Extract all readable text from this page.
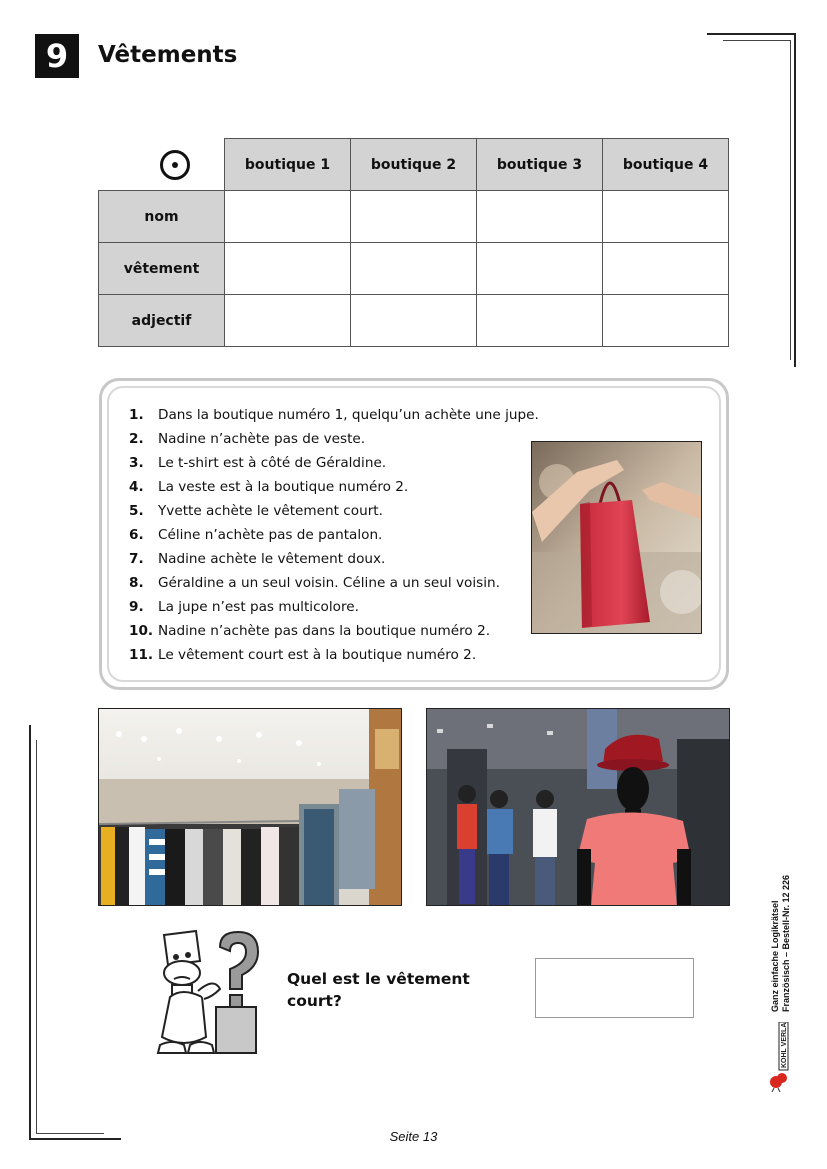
9	Vêtements
	boutique 1	boutique 2	boutique 3	boutique 4
nom				
vêtement				
adjectif				
1. Dans la boutique numéro 1, quelqu’un achète une jupe.
2. Nadine n’achète pas de veste.
3. Le t-shirt est à côté de Géraldine.
4. La veste est à la boutique numéro 2.
5. Yvette achète le vêtement court.
6. Céline n’achète pas de pantalon.
7. Nadine achète le vêtement doux.
8. Géraldine a un seul voisin. Céline a un seul voisin.
9. La jupe n’est pas multicolore.
10. Nadine n’achète pas dans la boutique numéro 2.
11. Le vêtement court est à la boutique numéro 2.
Quel est le vêtement court?	Ganz einfache Logikrätsel Französisch – Bestell-Nr. 12 226
KOHL VERLAG
Seite 13
